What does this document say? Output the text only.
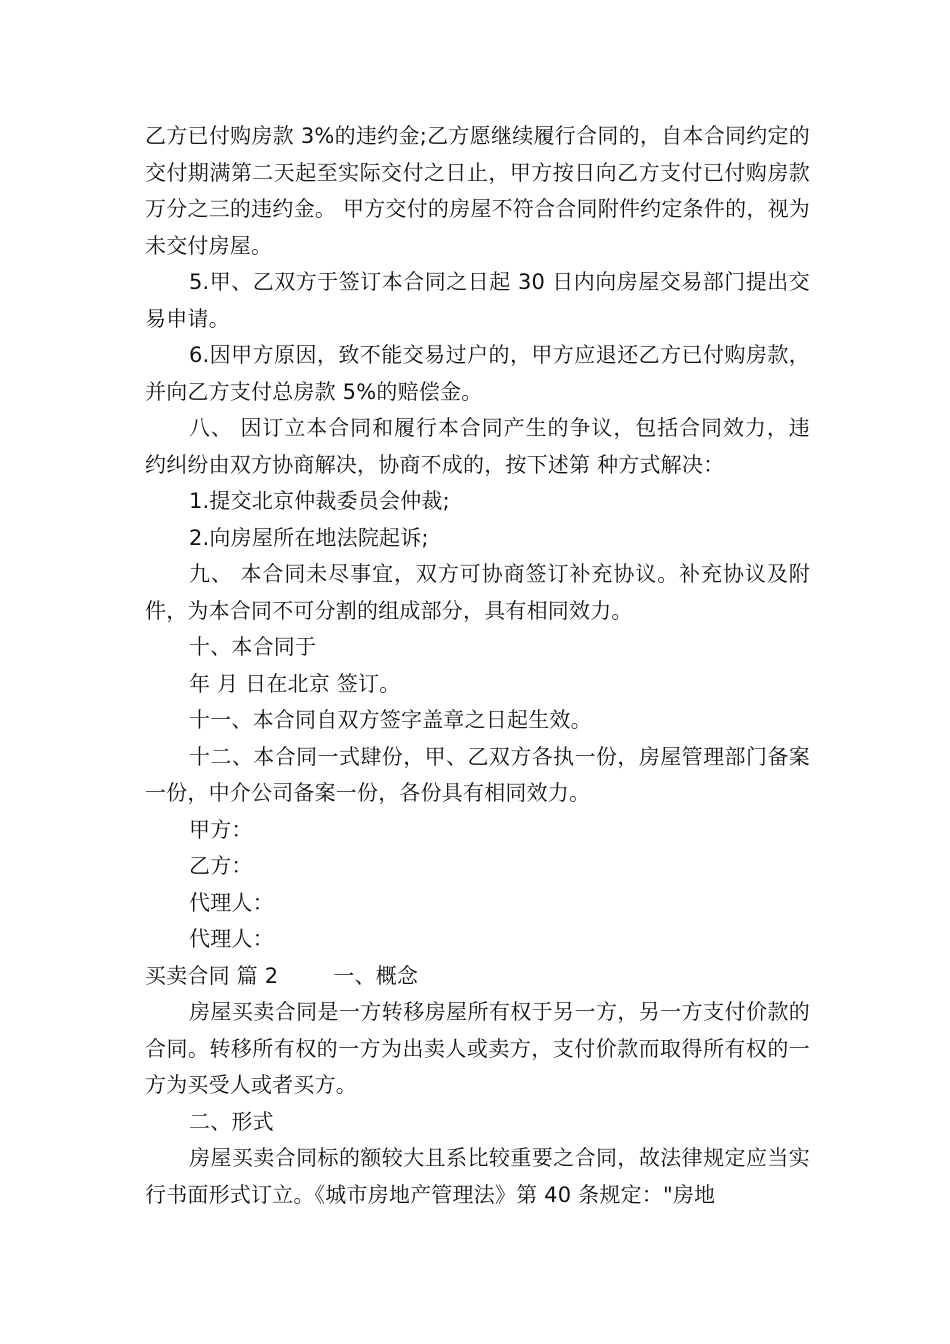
乙方已付购房款 3%的违约金;乙方愿继续履行合同的，自本合同约定的交付期满第二天起至实际交付之日止，甲方按日向乙方支付已付购房款万分之三的违约金。 甲方交付的房屋不符合合同附件约定条件的，视为未交付房屋。

5.甲、乙双方于签订本合同之日起 30 日内向房屋交易部门提出交易申请。

6.因甲方原因，致不能交易过户的，甲方应退还乙方已付购房款，并向乙方支付总房款 5%的赔偿金。

八、 因订立本合同和履行本合同产生的争议，包括合同效力，违约纠纷由双方协商解决，协商不成的，按下述第 种方式解决：

1.提交北京仲裁委员会仲裁;

2.向房屋所在地法院起诉;

九、 本合同未尽事宜，双方可协商签订补充协议。补充协议及附件，为本合同不可分割的组成部分，具有相同效力。

十、本合同于

年 月 日在北京 签订。

十一、本合同自双方签字盖章之日起生效。

十二、本合同一式肆份，甲、乙双方各执一份，房屋管理部门备案一份，中介公司备案一份，各份具有相同效力。

甲方：

乙方：

代理人：

代理人：

买卖合同 篇 2        一、概念

房屋买卖合同是一方转移房屋所有权于另一方，另一方支付价款的合同。转移所有权的一方为出卖人或卖方，支付价款而取得所有权的一方为买受人或者买方。

二、形式

房屋买卖合同标的额较大且系比较重要之合同，故法律规定应当实行书面形式订立。《城市房地产管理法》第 40 条规定："房地
